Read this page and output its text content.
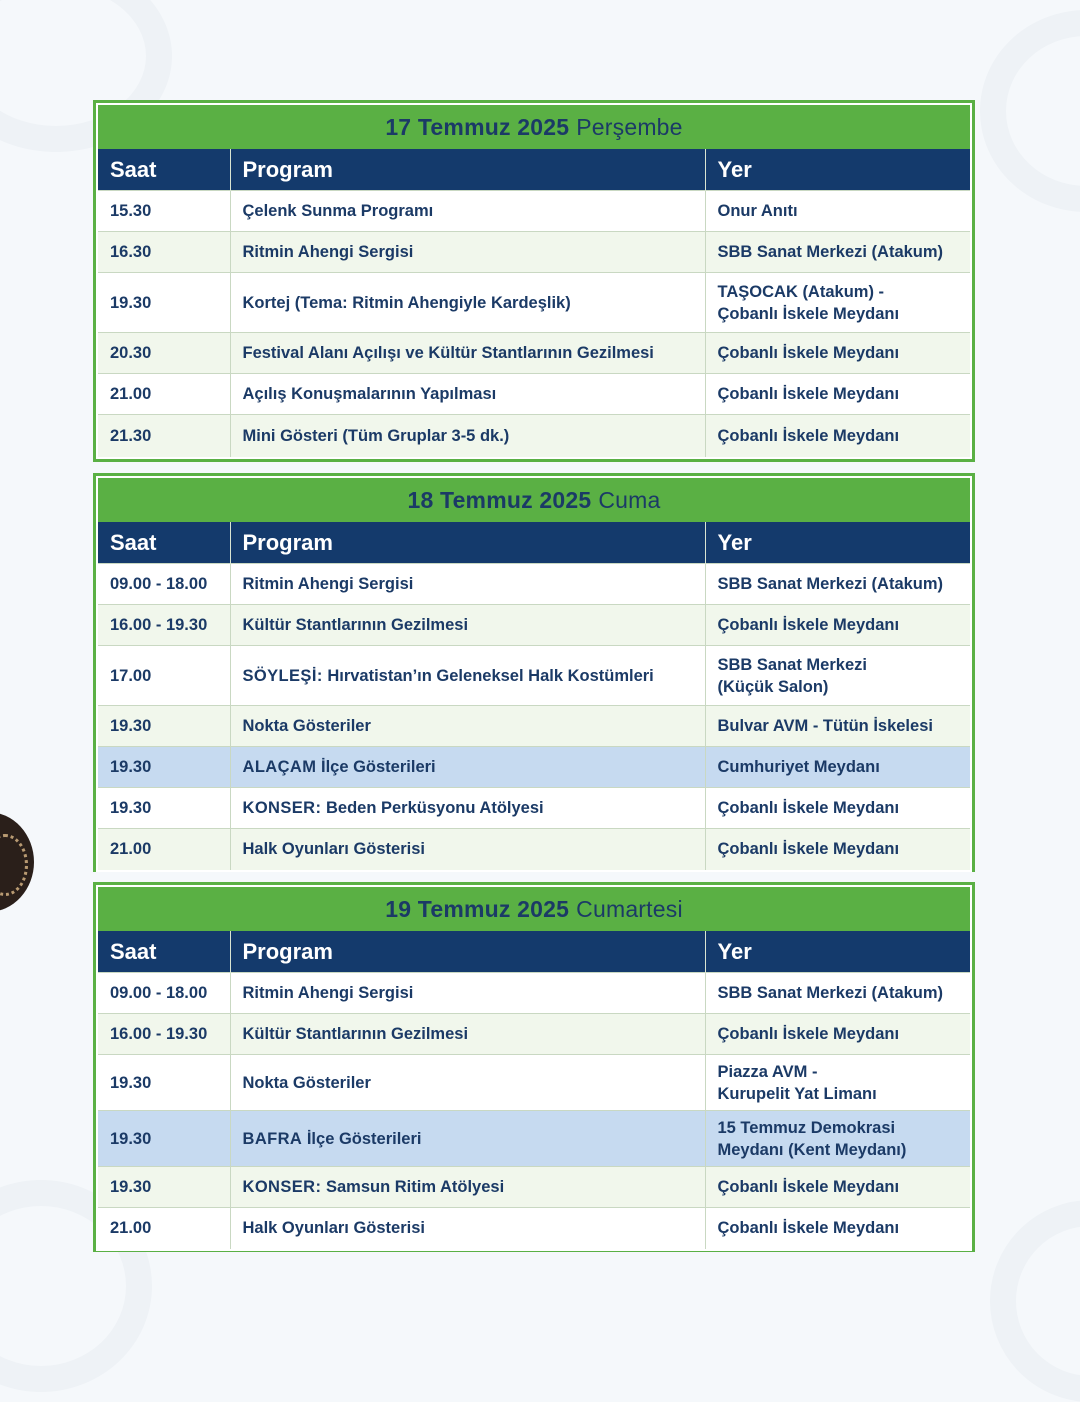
17 Temmuz 2025 Perşembe
Saat	Program	Yer
15.30	Çelenk Sunma Programı	Onur Anıtı

16.30	Ritmin Ahengi Sergisi	SBB Sanat Merkezi (Atakum)

19.30	Kortej (Tema: Ritmin Ahengiyle Kardeşlik)	TAŞOCAK (Atakum) -
Çobanlı İskele Meydanı

20.30	Festival Alanı Açılışı ve Kültür Stantlarının Gezilmesi	Çobanlı İskele Meydanı

21.00	Açılış Konuşmalarının Yapılması	Çobanlı İskele Meydanı

21.30	Mini Gösteri (Tüm Gruplar 3-5 dk.)	Çobanlı İskele Meydanı
18 Temmuz 2025 Cuma
Saat	Program	Yer
09.00 - 18.00	Ritmin Ahengi Sergisi	SBB Sanat Merkezi (Atakum)

16.00 - 19.30	Kültür Stantlarının Gezilmesi	Çobanlı İskele Meydanı

17.00	SÖYLEŞİ: Hırvatistan’ın Geleneksel Halk Kostümleri	SBB Sanat Merkezi
(Küçük Salon)

19.30	Nokta Gösteriler	Bulvar AVM - Tütün İskelesi

19.30	ALAÇAM İlçe Gösterileri	Cumhuriyet Meydanı

19.30	KONSER: Beden Perküsyonu Atölyesi	Çobanlı İskele Meydanı

21.00	Halk Oyunları Gösterisi	Çobanlı İskele Meydanı
19 Temmuz 2025 Cumartesi
Saat	Program	Yer
09.00 - 18.00	Ritmin Ahengi Sergisi	SBB Sanat Merkezi (Atakum)

16.00 - 19.30	Kültür Stantlarının Gezilmesi	Çobanlı İskele Meydanı

19.30	Nokta Gösteriler	Piazza AVM -
Kurupelit Yat Limanı

19.30	BAFRA İlçe Gösterileri	15 Temmuz Demokrasi
Meydanı (Kent Meydanı)

19.30	KONSER: Samsun Ritim Atölyesi	Çobanlı İskele Meydanı

21.00	Halk Oyunları Gösterisi	Çobanlı İskele Meydanı
